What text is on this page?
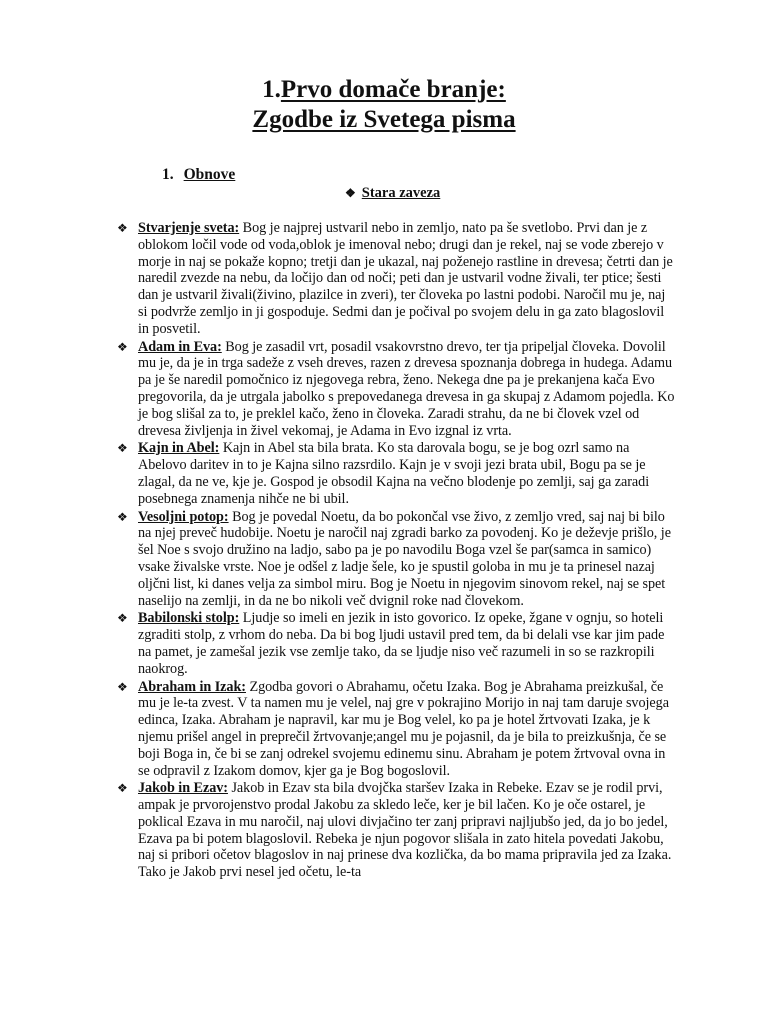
1.Prvo domače branje:
Zgodbe iz Svetega pisma
1. Obnove
❖ Stara zaveza
❖ Stvarjenje sveta: Bog je najprej ustvaril nebo in zemljo, nato pa še svetlobo. Prvi dan je z oblokom ločil vode od voda,oblok je imenoval nebo; drugi dan je rekel, naj se vode zberejo v morje in naj se pokaže kopno; tretji dan je ukazal, naj poženejo rastline in drevesa; četrti dan je naredil zvezde na nebu, da ločijo dan od noči; peti dan je ustvaril vodne živali, ter ptice; šesti dan je ustvaril živali(živino, plazilce in zveri), ter človeka po lastni podobi. Naročil mu je, naj si podvrže zemljo in ji gospoduje. Sedmi dan je počival po svojem delu in ga zato blagoslovil in posvetil.
❖ Adam in Eva: Bog je zasadil vrt, posadil vsakovrstno drevo, ter tja pripeljal človeka. Dovolil mu je, da je in trga sadeže z vseh dreves, razen z drevesa spoznanja dobrega in hudega. Adamu pa je še naredil pomočnico iz njegovega rebra, ženo. Nekega dne pa je prekanjena kača Evo pregovorila, da je utrgala jabolko s prepovedanega drevesa in ga skupaj z Adamom pojedla. Ko je bog slišal za to, je preklel kačo, ženo in človeka. Zaradi strahu, da ne bi človek vzel od drevesa življenja in živel vekomaj, je Adama in Evo izgnal iz vrta.
❖ Kajn in Abel: Kajn in Abel sta bila brata. Ko sta darovala bogu, se je bog ozrl samo na Abelovo daritev in to je Kajna silno razsrdilo. Kajn je v svoji jezi brata ubil, Bogu pa se je zlagal, da ne ve, kje je. Gospod je obsodil Kajna na večno blodenje po zemlji, saj ga zaradi posebnega znamenja nihče ne bi ubil.
❖ Vesoljni potop: Bog je povedal Noetu, da bo pokončal vse živo, z zemljo vred, saj naj bi bilo na njej preveč hudobije. Noetu je naročil naj zgradi barko za povodenj. Ko je deževje prišlo, je šel Noe s svojo družino na ladjo, sabo pa je po navodilu Boga vzel še par(samca in samico) vsake živalske vrste. Noe je odšel z ladje šele, ko je spustil goloba in mu je ta prinesel nazaj oljčni list, ki danes velja za simbol miru. Bog je Noetu in njegovim sinovom rekel, naj se spet naselijo na zemlji, in da ne bo nikoli več dvignil roke nad človekom.
❖ Babilonski stolp: Ljudje so imeli en jezik in isto govorico. Iz opeke, žgane v ognju, so hoteli zgraditi stolp, z vrhom do neba. Da bi bog ljudi ustavil pred tem, da bi delali vse kar jim pade na pamet, je zamešal jezik vse zemlje tako, da se ljudje niso več razumeli in so se razkropili naokrog.
❖ Abraham in Izak: Zgodba govori o Abrahamu, očetu Izaka. Bog je Abrahama preizkušal, če mu je le-ta zvest. V ta namen mu je velel, naj gre v pokrajino Morijo in naj tam daruje svojega edinca, Izaka. Abraham je napravil, kar mu je Bog velel, ko pa je hotel žrtvovati Izaka, je k njemu prišel angel in preprečil žrtvovanje;angel mu je pojasnil, da je bila to preizkušnja, če se boji Boga in, če bi se zanj odrekel svojemu edinemu sinu. Abraham je potem žrtvoval ovna in se odpravil z Izakom domov, kjer ga je Bog bogoslovil.
❖ Jakob in Ezav: Jakob in Ezav sta bila dvojčka staršev Izaka in Rebeke. Ezav se je rodil prvi, ampak je prvorojenstvo prodal Jakobu za skledo leče, ker je bil lačen. Ko je oče ostarel, je poklical Ezava in mu naročil, naj ulovi divjačino ter zanj pripravi najljubšo jed, da jo bo jedel, Ezava pa bi potem blagoslovil. Rebeka je njun pogovor slišala in zato hitela povedati Jakobu, naj si pribori očetov blagoslov in naj prinese dva kozlička, da bo mama pripravila jed za Izaka. Tako je Jakob prvi nesel jed očetu, le-ta
